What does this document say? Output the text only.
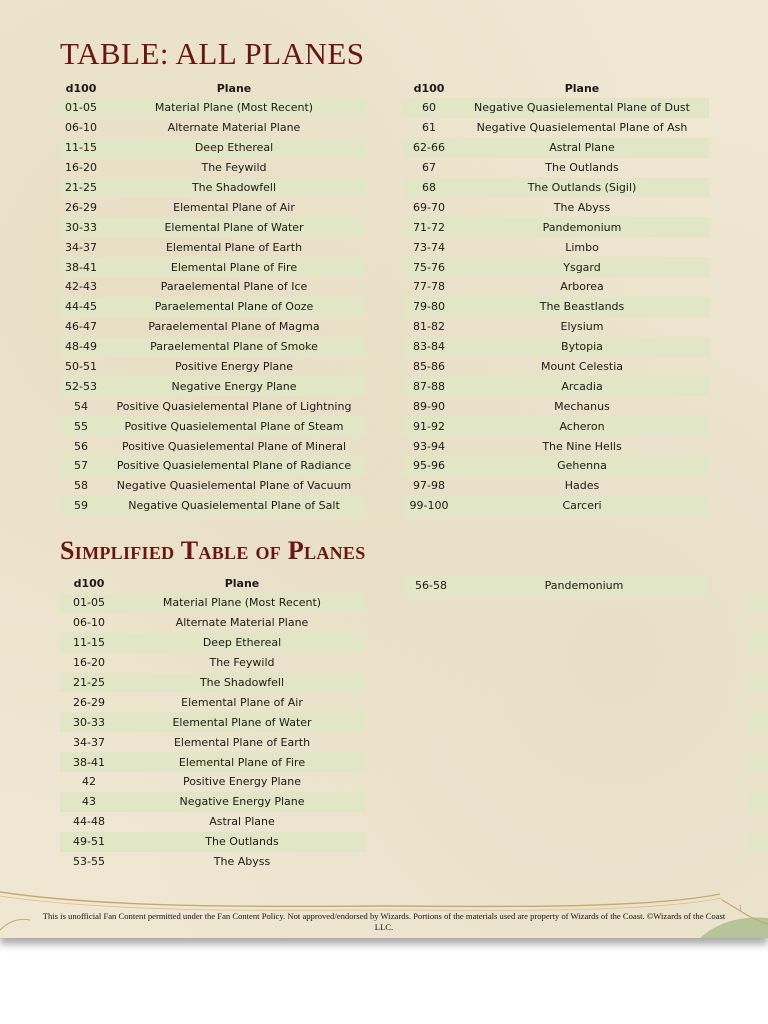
TABLE: ALL PLANES
d100	Plane
01-05	Material Plane (Most Recent)
06-10	Alternate Material Plane
11-15	Deep Ethereal
16-20	The Feywild
21-25	The Shadowfell
26-29	Elemental Plane of Air
30-33	Elemental Plane of Water
34-37	Elemental Plane of Earth
38-41	Elemental Plane of Fire
42-43	Paraelemental Plane of Ice
44-45	Paraelemental Plane of Ooze
46-47	Paraelemental Plane of Magma
48-49	Paraelemental Plane of Smoke
50-51	Positive Energy Plane
52-53	Negative Energy Plane
54	Positive Quasielemental Plane of Lightning
55	Positive Quasielemental Plane of Steam
56	Positive Quasielemental Plane of Mineral
57	Positive Quasielemental Plane of Radiance
58	Negative Quasielemental Plane of Vacuum
59	Negative Quasielemental Plane of Salt
d100	Plane
60	Negative Quasielemental Plane of Dust
61	Negative Quasielemental Plane of Ash
62-66	Astral Plane
67	The Outlands
68	The Outlands (Sigil)
69-70	The Abyss
71-72	Pandemonium
73-74	Limbo
75-76	Ysgard
77-78	Arborea
79-80	The Beastlands
81-82	Elysium
83-84	Bytopia
85-86	Mount Celestia
87-88	Arcadia
89-90	Mechanus
91-92	Acheron
93-94	The Nine Hells
95-96	Gehenna
97-98	Hades
99-100	Carceri
Simplified Table of Planes
d100	Plane
01-05	Material Plane (Most Recent)
06-10	Alternate Material Plane
11-15	Deep Ethereal
16-20	The Feywild
21-25	The Shadowfell
26-29	Elemental Plane of Air
30-33	Elemental Plane of Water
34-37	Elemental Plane of Earth
38-41	Elemental Plane of Fire
42	Positive Energy Plane
43	Negative Energy Plane
44-48	Astral Plane
49-51	The Outlands
53-55	The Abyss
56-58	Pandemonium
This is unofficial Fan Content permitted under the Fan Content Policy. Not approved/endorsed by Wizards. Portions of the materials used are property of Wizards of the Coast. ©Wizards of the Coast LLC.
1
